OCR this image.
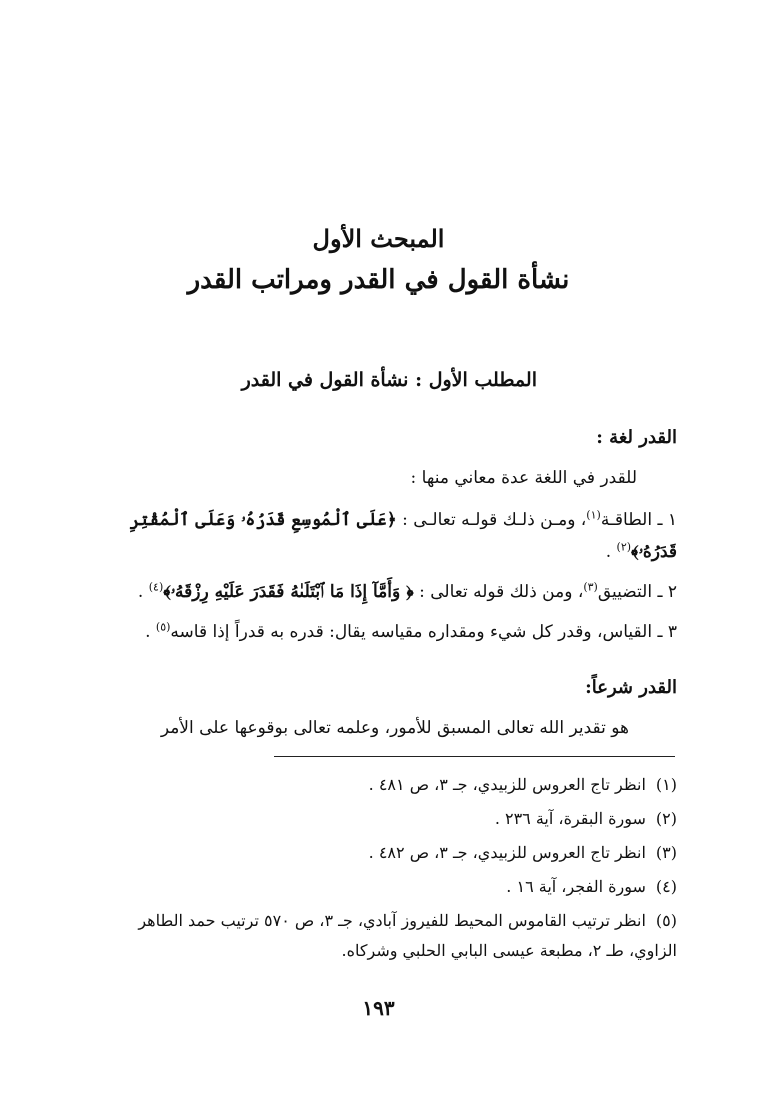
المبحث الأول
نشأة القول في القدر ومراتب القدر
المطلب الأول : نشأة القول في القدر
القدر لغة :
للقدر في اللغة عدة معاني منها :
١ ـ الطاقـة$^{(١)}$، ومـن ذلـك قولـه تعالـى : ﴿عَلَى ٱلْمُوسِعِ قَدَرُهُۥ وَعَلَى ٱلْمُقْتِرِ
قَدَرُهُۥ﴾$^{(٢)}$ .
٢ ـ التضييق$^{(٣)}$، ومن ذلك قوله تعالى : ﴿ وَأَمَّآ إِذَا مَا ٱبْتَلَىٰهُ فَقَدَرَ عَلَيْهِ رِزْقَهُۥ﴾$^{(٤)}$ .
٣ ـ القياس، وقدر كل شيء ومقداره مقياسه يقال: قدره به قدراً إذا قاسه$^{(٥)}$ .
القدر شرعاً:
هو تقدير الله تعالى المسبق للأمور، وعلمه تعالى بوقوعها على الأمر
(١)انظر تاج العروس للزبيدي، جـ ٣، ص ٤٨١ .
(٢)سورة البقرة، آية ٢٣٦ .
(٣)انظر تاج العروس للزبيدي، جـ ٣، ص ٤٨٢ .
(٤)سورة الفجر، آية ١٦ .
(٥)انظر ترتيب القاموس المحيط للفيروز آبادي، جـ ٣، ص ٥٧٠ ترتيب حمد الطاهر
الزاوي، طـ ٢، مطبعة عيسى البابي الحلبي وشركاه.
١٩٣
